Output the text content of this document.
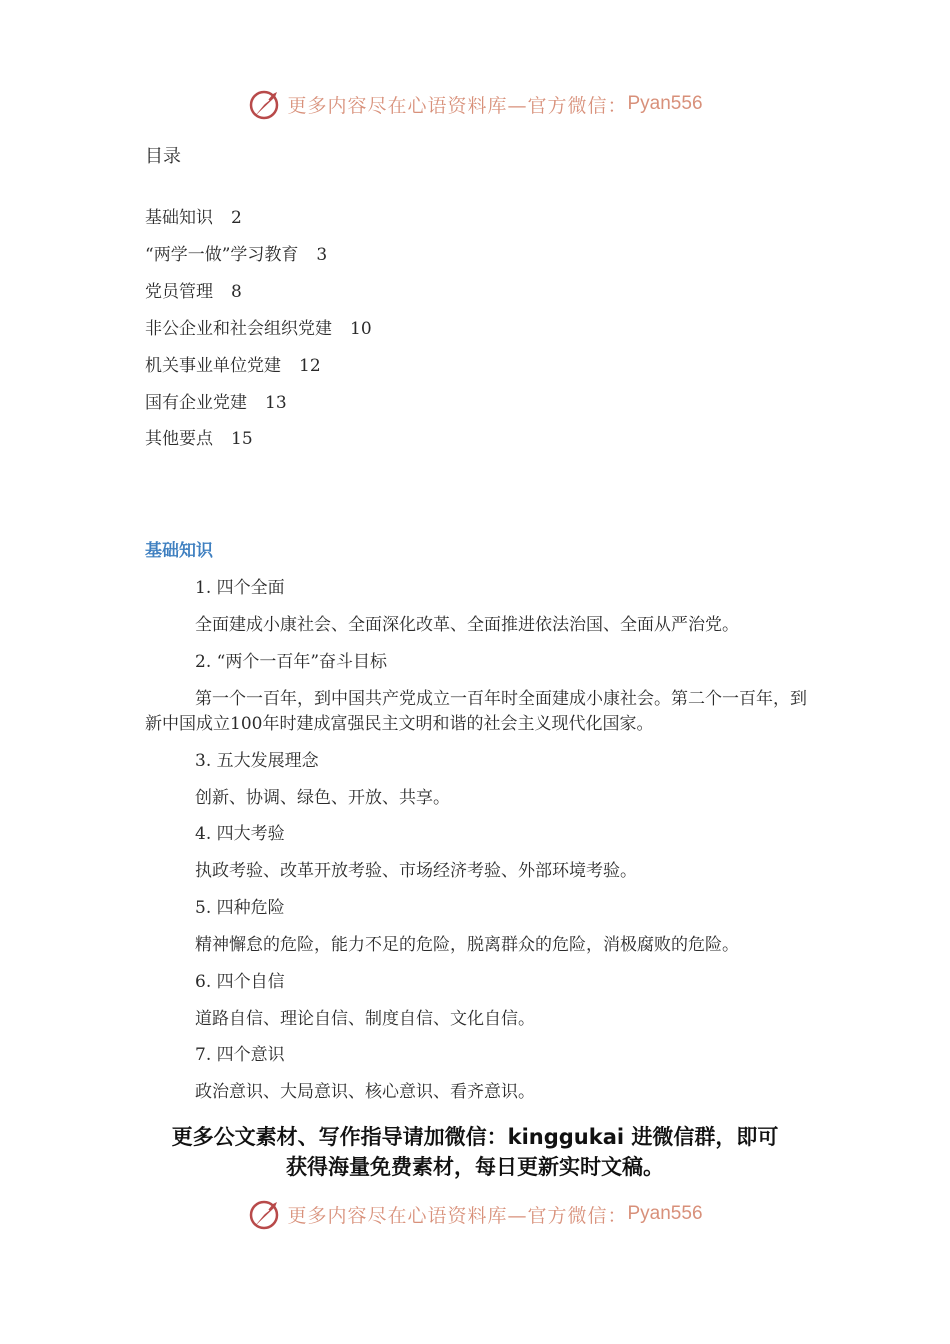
更多内容尽在心语资料库—官方微信： Pyan556
目录
基础知识 2
“两学一做”学习教育 3
党员管理 8
非公企业和社会组织党建 10
机关事业单位党建 12
国有企业党建 13
其他要点 15
基础知识
1. 四个全面
全面建成小康社会、全面深化改革、全面推进依法治国、全面从严治党。
2. “两个一百年”奋斗目标
第一个一百年，到中国共产党成立一百年时全面建成小康社会。第二个一百年，到新中国成立100年时建成富强民主文明和谐的社会主义现代化国家。
3. 五大发展理念
创新、协调、绿色、开放、共享。
4. 四大考验
执政考验、改革开放考验、市场经济考验、外部环境考验。
5. 四种危险
精神懈怠的危险，能力不足的危险，脱离群众的危险，消极腐败的危险。
6. 四个自信
道路自信、理论自信、制度自信、文化自信。
7. 四个意识
政治意识、大局意识、核心意识、看齐意识。
更多公文素材、写作指导请加微信：kinggukai 进微信群，即可
获得海量免费素材，每日更新实时文稿。
更多内容尽在心语资料库—官方微信： Pyan556
